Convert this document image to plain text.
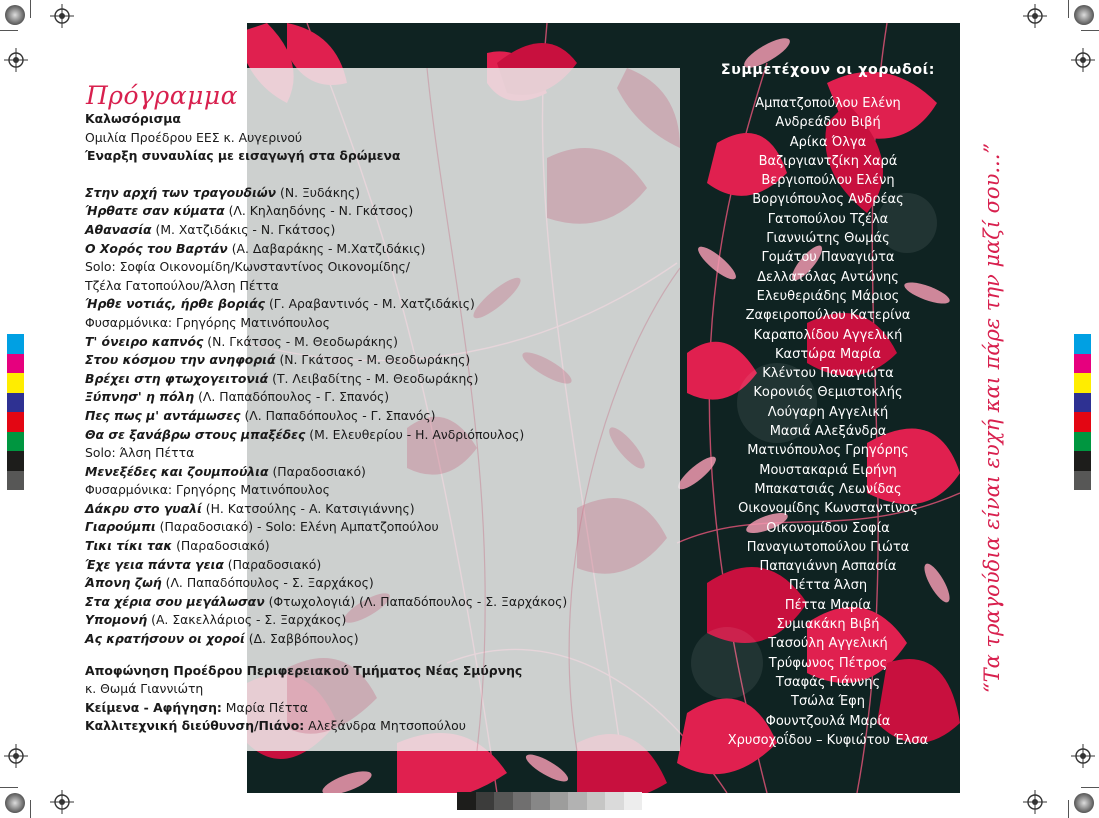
Πρόγραμμα
Καλωσόρισμα
Ομιλία Προέδρου ΕΕΣ κ. Αυγερινού
Έναρξη συναυλίας με εισαγωγή στα δρώμενα
Στην αρχή των τραγουδιών (Ν. Ξυδάκης)
Ήρθατε σαν κύματα (Λ. Κηλαηδόνης - Ν. Γκάτσος)
Αθανασία (Μ. Χατζιδάκις - Ν. Γκάτσος)
Ο Χορός του Βαρτάν (Α. Δαβαράκης - Μ.Χατζιδάκις)
Solo: Σοφία Οικονομίδη/Κωνσταντίνος Οικονομίδης/
Τζέλα Γατοπούλου/Άλση Πέττα
Ήρθε νοτιάς, ήρθε βοριάς (Γ. Αραβαντινός - Μ. Χατζιδάκις)
Φυσαρμόνικα: Γρηγόρης Ματινόπουλος
Τ' όνειρο καπνός (Ν. Γκάτσος - Μ. Θεοδωράκης)
Στου κόσμου την ανηφοριά (Ν. Γκάτσος - Μ. Θεοδωράκης)
Βρέχει στη φτωχογειτονιά (Τ. Λειβαδίτης - Μ. Θεοδωράκης)
Ξύπνησ' η πόλη (Λ. Παπαδόπουλος - Γ. Σπανός)
Πες πως μ' αντάμωσες (Λ. Παπαδόπουλος - Γ. Σπανός)
Θα σε ξανάβρω στους μπαξέδες (Μ. Ελευθερίου - Η. Ανδριόπουλος)
Solo: Άλση Πέττα
Μενεξέδες και ζουμπούλια (Παραδοσιακό)
Φυσαρμόνικα: Γρηγόρης Ματινόπουλος
Δάκρυ στο γυαλί (Η. Κατσούλης - Α. Κατσιγιάννης)
Γιαρούμπι (Παραδοσιακό) - Solo: Ελένη Αμπατζοπούλου
Τικι τίκι τακ (Παραδοσιακό)
Έχε γεια πάντα γεια (Παραδοσιακό)
Άπονη ζωή (Λ. Παπαδόπουλος - Σ. Ξαρχάκος)
Στα χέρια σου μεγάλωσαν (Φτωχολογιά) (Λ. Παπαδόπουλος - Σ. Ξαρχάκος)
Υπομονή (Α. Σακελλάριος - Σ. Ξαρχάκος)
Ας κρατήσουν οι χοροί (Δ. Σαββόπουλος)
Αποφώνηση Προέδρου Περιφερειακού Τμήματος Νέας Σμύρνης
κ. Θωμά Γιαννιώτη
Κείμενα - Αφήγηση: Μαρία Πέττα
Καλλιτεχνική διεύθυνση/Πιάνο: Αλεξάνδρα Μητσοπούλου
Συμμετέχουν οι χορωδοί:
Αμπατζοπούλου Ελένη
Ανδρεάδου Βιβή
Αρίκα Όλγα
Βαζιργιαντζίκη Χαρά
Βεργιοπούλου Ελένη
Βοργιόπουλος Ανδρέας
Γατοπούλου Τζέλα
Γιαννιώτης Θωμάς
Γομάτου Παναγιώτα
Δελλατόλας Αντώνης
Ελευθεριάδης Μάριος
Ζαφειροπούλου Κατερίνα
Καραπολίδου Αγγελική
Καστώρα Μαρία
Κλέντου Παναγιώτα
Κορονιός Θεμιστοκλής
Λούγαρη Αγγελική
Μασιά Αλεξάνδρα
Ματινόπουλος Γρηγόρης
Μουστακαριά Ειρήνη
Μπακατσιάς Λεωνίδας
Οικονομίδης Κωνσταντίνος
Οικονομίδου Σοφία
Παναγιωτοπούλου Γιώτα
Παπαγιάννη Ασπασία
Πέττα Άλση
Πέττα Μαρία
Συμιακάκη Βιβή
Τασούλη Αγγελική
Τρύφωνος Πέτρος
Τσαφάς Γιάννης
Τσώλα Έφη
Φουντζουλά Μαρία
Χρυσοχοΐδου – Κυφιώτου Έλσα
“Τα τραγούδια είναι ευχή και πάρε την μαζί σου...”
